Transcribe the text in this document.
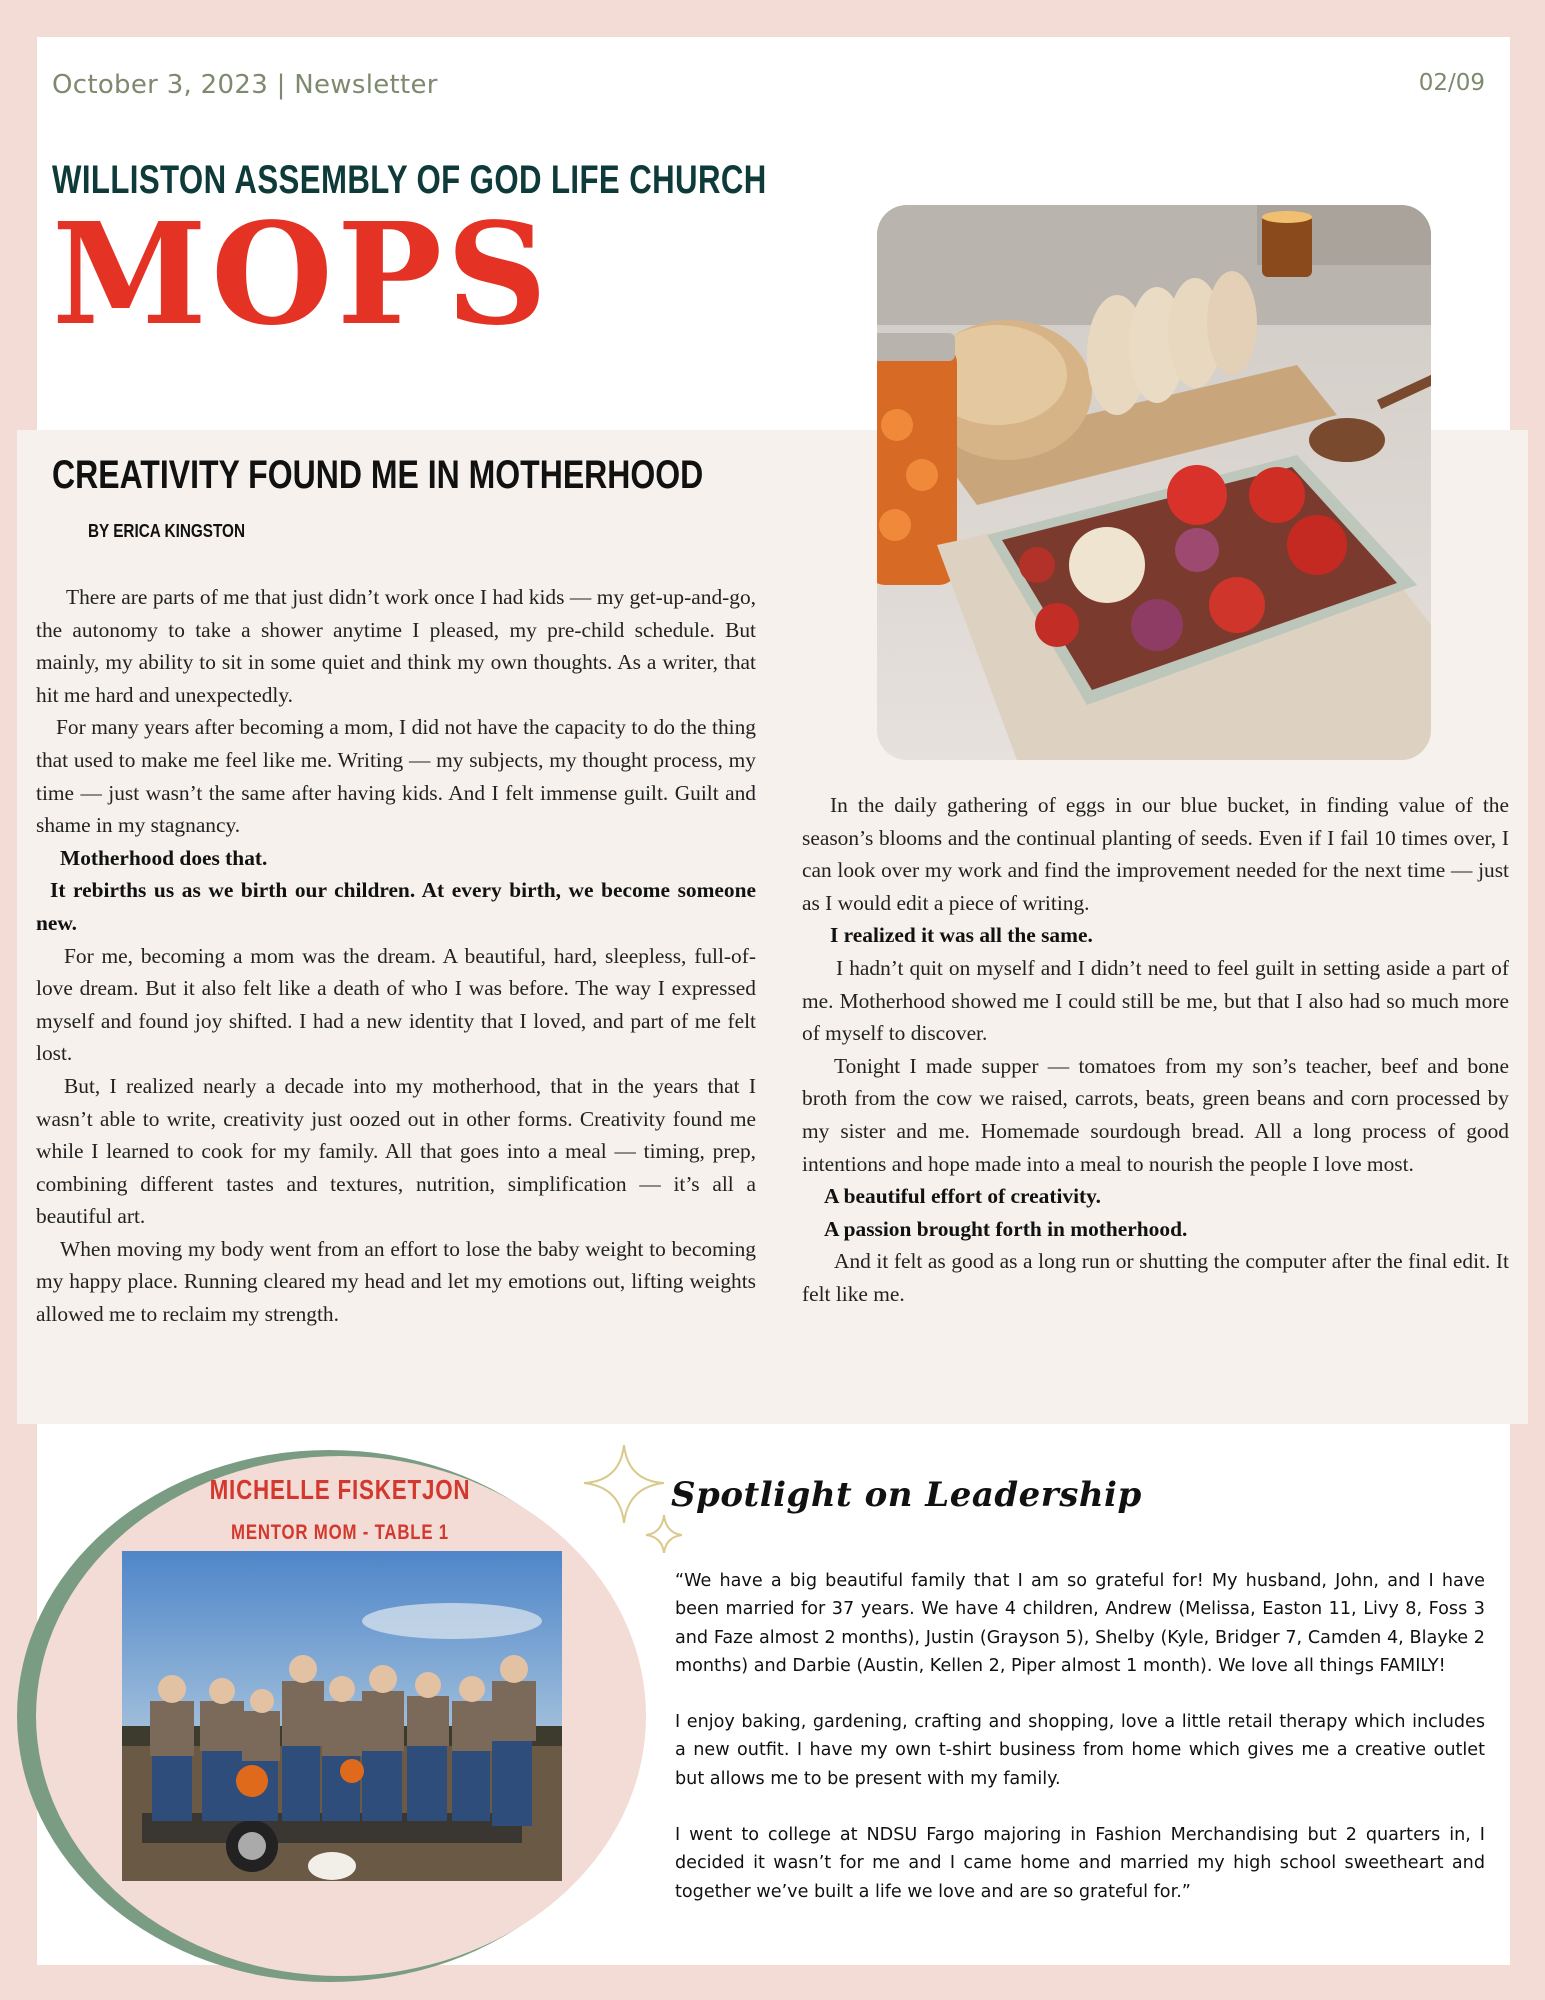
October 3, 2023 | Newsletter	02/09
WILLISTON ASSEMBLY OF GOD LIFE CHURCH
MOPS
CREATIVITY FOUND ME IN MOTHERHOOD
BY ERICA KINGSTON

There are parts of me that just didn’t work once I had kids — my get-up-and-go, the autonomy to take a shower anytime I pleased, my pre-child schedule. But mainly, my ability to sit in some quiet and think my own thoughts. As a writer, that hit me hard and unexpectedly.

For many years after becoming a mom, I did not have the capacity to do the thing that used to make me feel like me. Writing — my subjects, my thought process, my time — just wasn’t the same after having kids. And I felt immense guilt. Guilt and shame in my stagnancy.

Motherhood does that.

It rebirths us as we birth our children. At every birth, we become someone new.

For me, becoming a mom was the dream. A beautiful, hard, sleepless, full-of-love dream. But it also felt like a death of who I was before. The way I expressed myself and found joy shifted. I had a new identity that I loved, and part of me felt lost.

But, I realized nearly a decade into my motherhood, that in the years that I wasn’t able to write, creativity just oozed out in other forms. Creativity found me while I learned to cook for my family. All that goes into a meal — timing, prep, combining different tastes and textures, nutrition, simplification — it’s all a beautiful art.

When moving my body went from an effort to lose the baby weight to becoming my happy place. Running cleared my head and let my emotions out, lifting weights allowed me to reclaim my strength.

In the daily gathering of eggs in our blue bucket, in finding value of the season’s blooms and the continual planting of seeds. Even if I fail 10 times over, I can look over my work and find the improvement needed for the next time — just as I would edit a piece of writing.

I realized it was all the same.

I hadn’t quit on myself and I didn’t need to feel guilt in setting aside a part of me. Motherhood showed me I could still be me, but that I also had so much more of myself to discover.

Tonight I made supper — tomatoes from my son’s teacher, beef and bone broth from the cow we raised, carrots, beats, green beans and corn processed by my sister and me. Homemade sourdough bread. All a long process of good intentions and hope made into a meal to nourish the people I love most.

A beautiful effort of creativity.

A passion brought forth in motherhood.

And it felt as good as a long run or shutting the computer after the final edit. It felt like me.

MICHELLE FISKETJON
MENTOR MOM - TABLE 1
Spotlight on Leadership

“We have a big beautiful family that I am so grateful for! My husband, John, and I have been married for 37 years. We have 4 children, Andrew (Melissa, Easton 11, Livy 8, Foss 3 and Faze almost 2 months), Justin (Grayson 5), Shelby (Kyle, Bridger 7, Camden 4, Blayke 2 months) and Darbie (Austin, Kellen 2, Piper almost 1 month). We love all things FAMILY!

I enjoy baking, gardening, crafting and shopping, love a little retail therapy which includes a new outfit. I have my own t-shirt business from home which gives me a creative outlet but allows me to be present with my family.

I went to college at NDSU Fargo majoring in Fashion Merchandising but 2 quarters in, I decided it wasn’t for me and I came home and married my high school sweetheart and together we’ve built a life we love and are so grateful for.”
